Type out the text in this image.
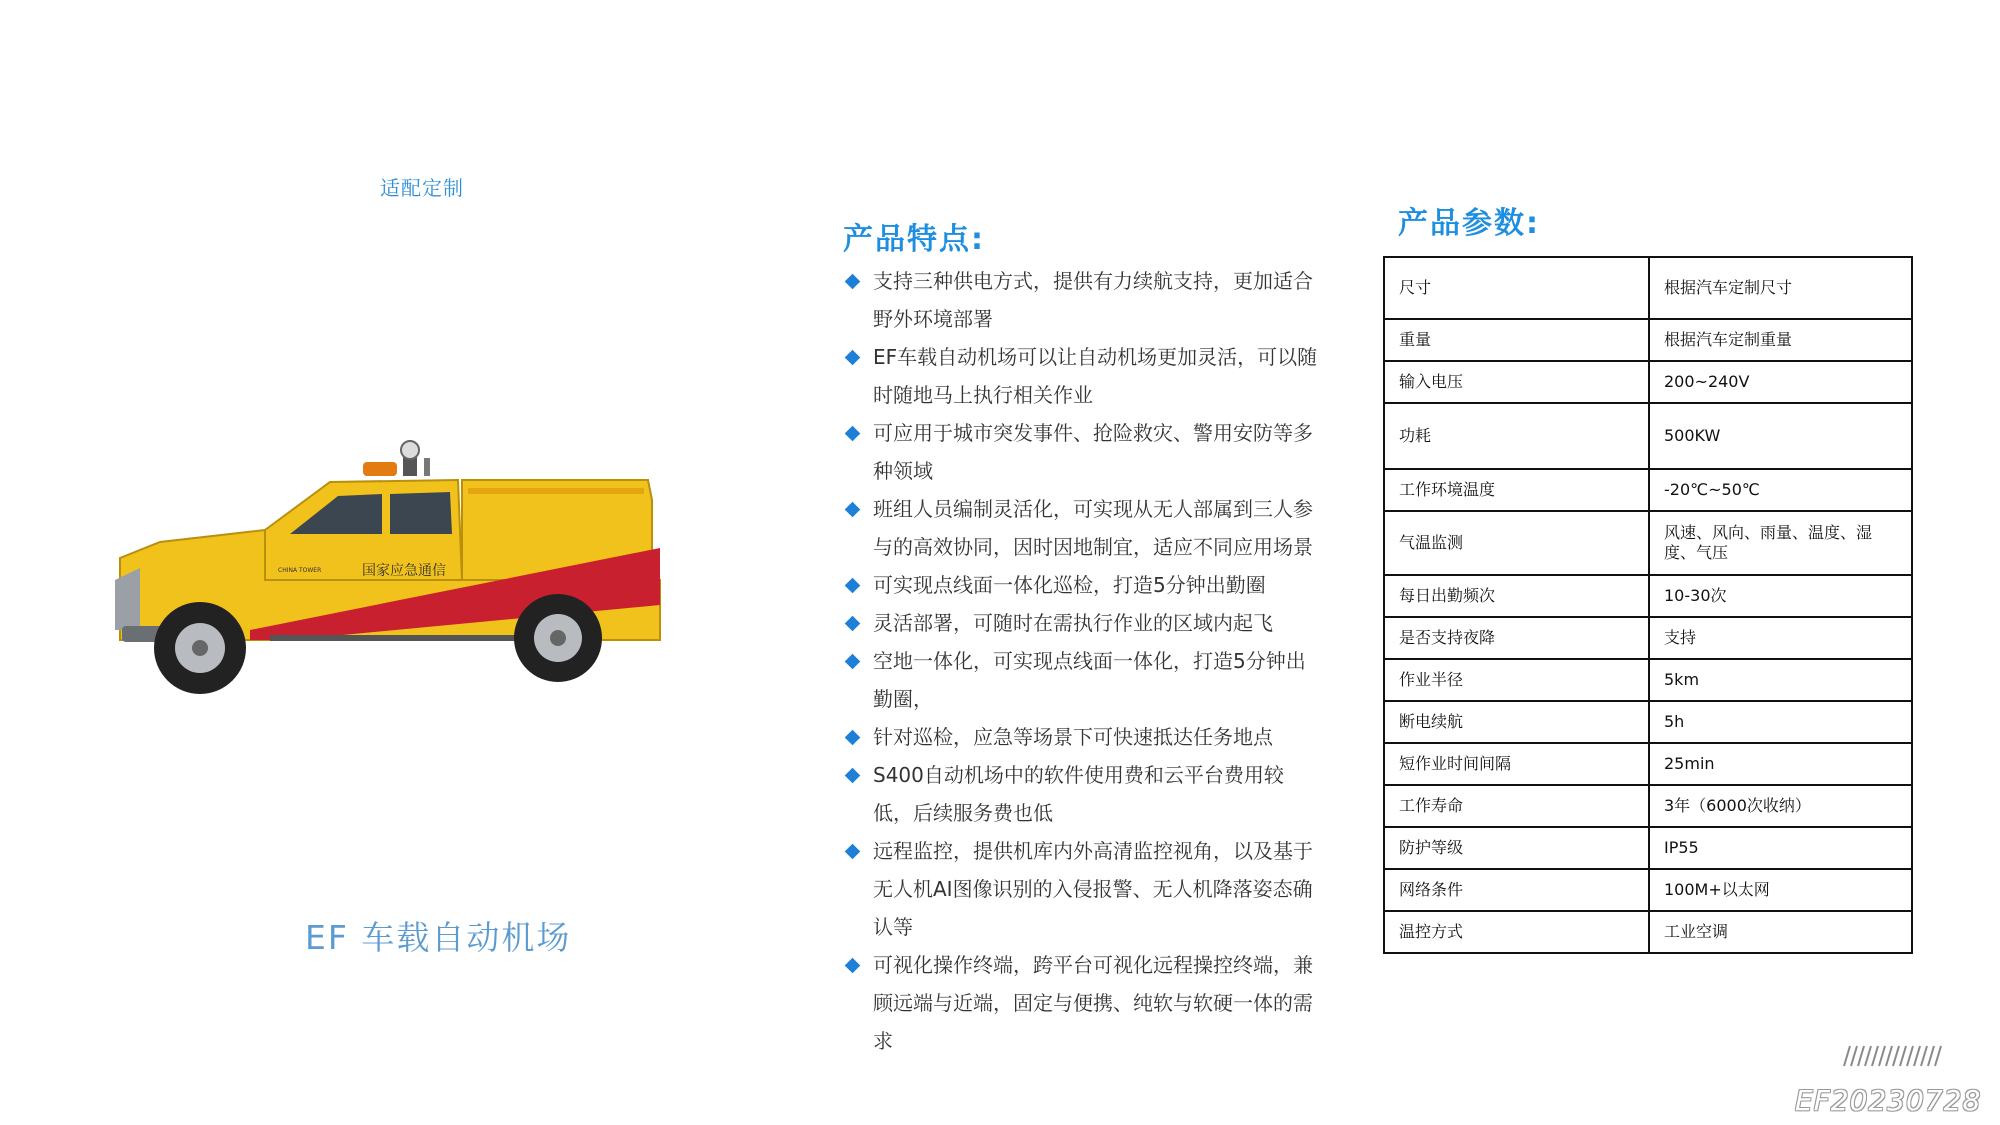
适配定制
国家应急通信
CHINA TOWER
EF 车载自动机场
产品特点:
支持三种供电方式，提供有力续航支持，更加适合野外环境部署
EF车载自动机场可以让自动机场更加灵活，可以随时随地马上执行相关作业
可应用于城市突发事件、抢险救灾、警用安防等多种领域
班组人员编制灵活化，可实现从无人部属到三人参与的高效协同，因时因地制宜，适应不同应用场景
可实现点线面一体化巡检，打造5分钟出勤圈
灵活部署，可随时在需执行作业的区域内起飞
空地一体化，可实现点线面一体化，打造5分钟出勤圈，
针对巡检，应急等场景下可快速抵达任务地点
S400自动机场中的软件使用费和云平台费用较低，后续服务费也低
远程监控，提供机库内外高清监控视角，以及基于无人机AI图像识别的入侵报警、无人机降落姿态确认等
可视化操作终端，跨平台可视化远程操控终端，兼顾远端与近端，固定与便携、纯软与软硬一体的需求
产品参数:
尺寸	根据汽车定制尺寸
重量	根据汽车定制重量
输入电压	200~240V
功耗	500KW
工作环境温度	-20℃~50℃
气温监测	风速、风向、雨量、温度、湿度、气压
每日出勤频次	10-30次
是否支持夜降	支持
作业半径	5km
断电续航	5h
短作业时间间隔	25min
工作寿命	3年（6000次收纳）
防护等级	IP55
网络条件	100M+以太网
温控方式	工业空调
EF20230728
